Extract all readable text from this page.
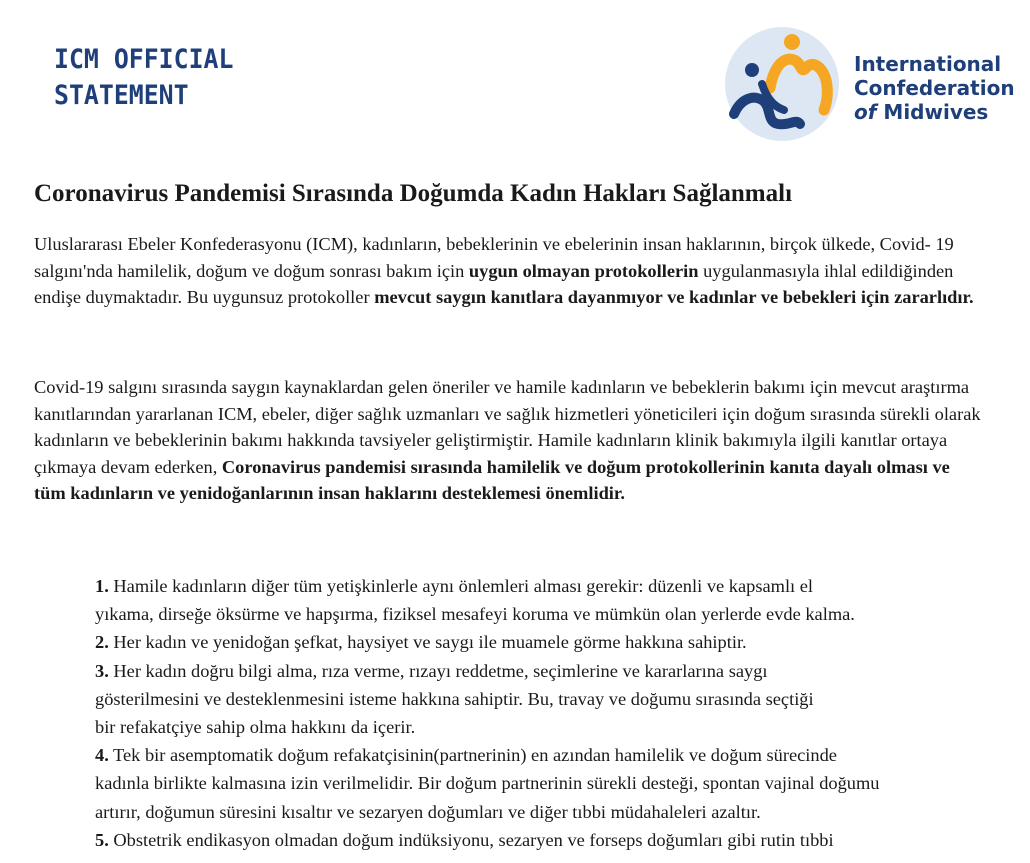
ICM OFFICIAL
STATEMENT
International
Confederation
of Midwives
Coronavirus Pandemisi Sırasında Doğumda Kadın Hakları Sağlanmalı

Uluslararası Ebeler Konfederasyonu (ICM), kadınların, bebeklerinin ve ebelerinin insan haklarının, birçok ülkede, Covid- 19 salgını'nda hamilelik, doğum ve doğum sonrası bakım için uygun olmayan protokollerin uygulanmasıyla ihlal edildiğinden endişe duymaktadır. Bu uygunsuz protokoller mevcut saygın kanıtlara dayanmıyor ve kadınlar ve bebekleri için zararlıdır.

Covid-19 salgını sırasında saygın kaynaklardan gelen öneriler ve hamile kadınların ve bebeklerin bakımı için mevcut araştırma kanıtlarından yararlanan ICM, ebeler, diğer sağlık uzmanları ve sağlık hizmetleri yöneticileri için doğum sırasında sürekli olarak kadınların ve bebeklerinin bakımı hakkında tavsiyeler geliştirmiştir. Hamile kadınların klinik bakımıyla ilgili kanıtlar ortaya çıkmaya devam ederken, Coronavirus pandemisi sırasında hamilelik ve doğum protokollerinin kanıta dayalı olması ve tüm kadınların ve yenidoğanlarının insan haklarını desteklemesi önemlidir.

1. Hamile kadınların diğer tüm yetişkinlerle aynı önlemleri alması gerekir: düzenli ve kapsamlı el
yıkama, dirseğe öksürme ve hapşırma, fiziksel mesafeyi koruma ve mümkün olan yerlerde evde kalma.
2. Her kadın ve yenidoğan şefkat, haysiyet ve saygı ile muamele görme hakkına sahiptir.
3. Her kadın doğru bilgi alma, rıza verme, rızayı reddetme, seçimlerine ve kararlarına saygı
gösterilmesini ve desteklenmesini isteme hakkına sahiptir. Bu, travay ve doğumu sırasında seçtiği
bir refakatçiye sahip olma hakkını da içerir.
4. Tek bir asemptomatik doğum refakatçisinin(partnerinin) en azından hamilelik ve doğum sürecinde
kadınla birlikte kalmasına izin verilmelidir. Bir doğum partnerinin sürekli desteği, spontan vajinal doğumu
artırır, doğumun süresini kısaltır ve sezaryen doğumları ve diğer tıbbi müdahaleleri azaltır.
5. Obstetrik endikasyon olmadan doğum indüksiyonu, sezaryen ve forseps doğumları gibi rutin tıbbi
